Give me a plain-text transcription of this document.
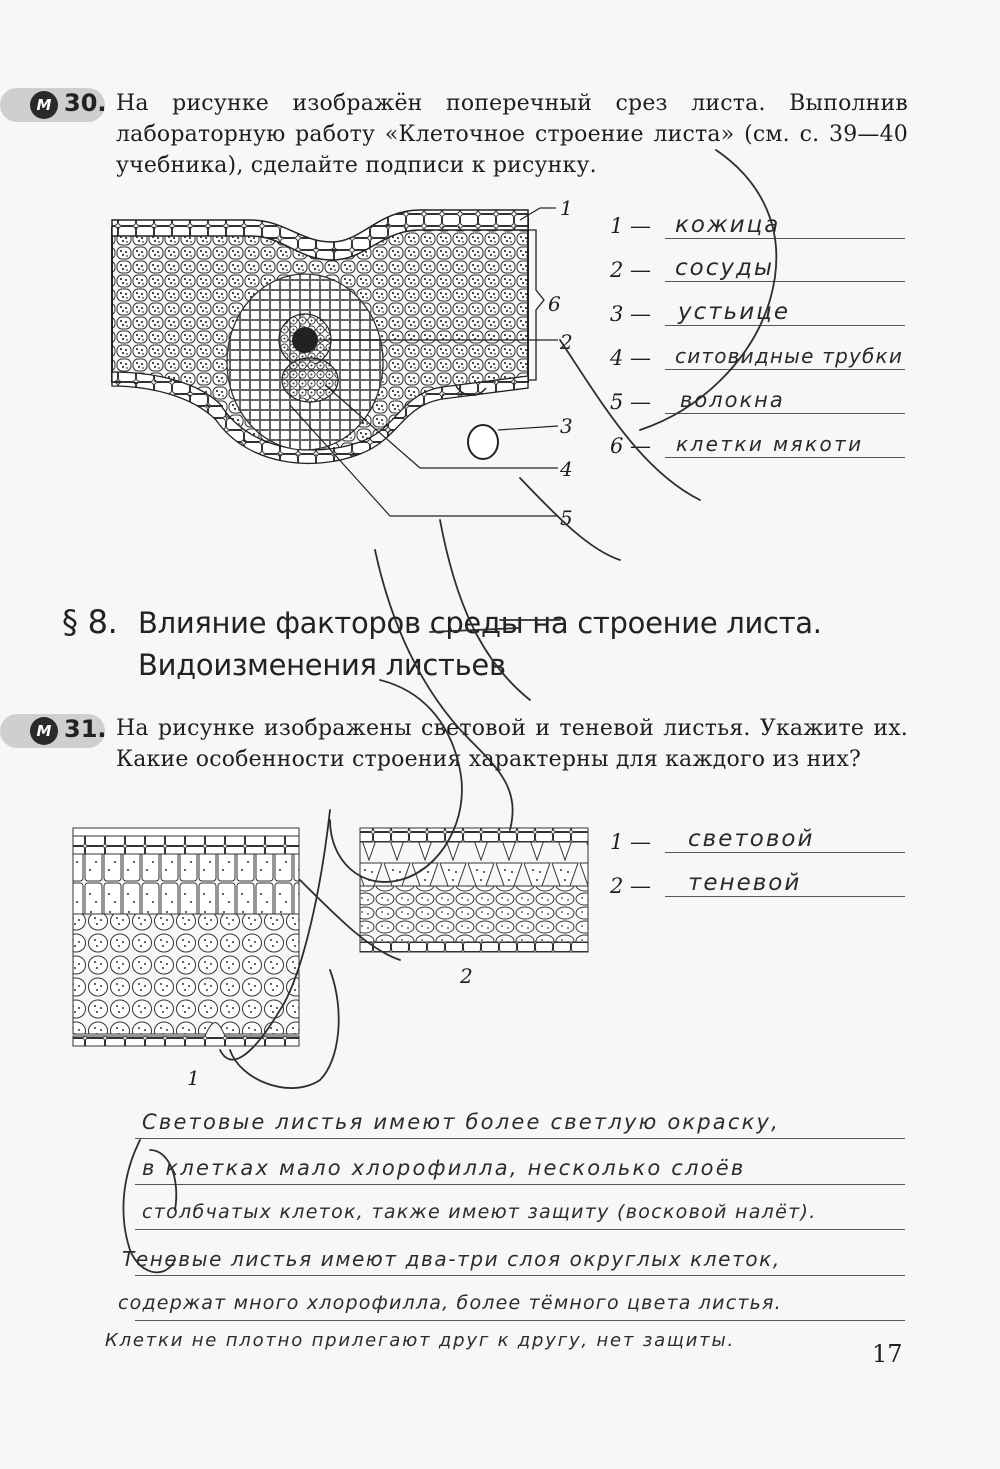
М 30. На рисунке изображён поперечный срез листа. Выполнив лабораторную работу «Клеточное строение листа» (см. с. 39—40 учебника), сделайте подписи к рисунку.
1
6
2
3
4
5
1 — кожица
2 — сосуды
3 — устьице
4 — ситовидные трубки
5 — волокна
6 — клетки мякоти
§ 8. Влияние факторов среды на строение листа.
Видоизменения листьев
М 31. На рисунке изображены световой и теневой листья. Укажите их. Какие особенности строения характерны для каждого из них?
1
2
1 — световой
2 — теневой
Световые листья имеют более светлую окраску,
в клетках мало хлорофилла, несколько слоёв
столбчатых клеток, также имеют защиту (восковой налёт).
Теневые листья имеют два-три слоя округлых клеток,
содержат много хлорофилла, более тёмного цвета листья.
Клетки не плотно прилегают друг к другу, нет защиты.	17
